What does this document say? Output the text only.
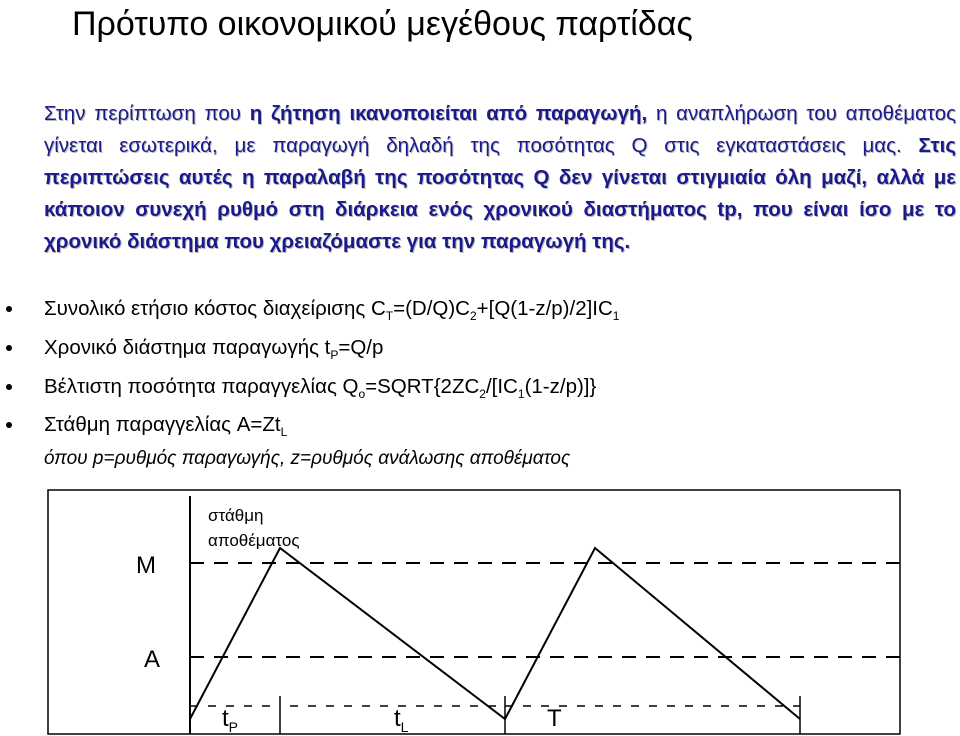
Πρότυπο οικονομικού μεγέθους παρτίδας
Στην περίπτωση που η ζήτηση ικανοποιείται από παραγωγή, η αναπλήρωση του αποθέματος γίνεται εσωτερικά, με παραγωγή δηλαδή της ποσότητας Q στις εγκαταστάσεις μας. Στις περιπτώσεις αυτές η παραλαβή της ποσότητας Q δεν γίνεται στιγμιαία όλη μαζί, αλλά με κάποιον συνεχή ρυθμό στη διάρκεια ενός χρονικού διαστήματος tp, που είναι ίσο με το χρονικό διάστημα που χρειαζόμαστε για την παραγωγή της.
Συνολικό ετήσιο κόστος διαχείρισης $C_T=(D/Q)C_2+[Q(1-z/p)/2]IC_1$
Χρονικό διάστημα παραγωγής $t_P=Q/p$
Βέλτιστη ποσότητα παραγγελίας $Q_o=SQRT\{2ZC_2/[IC_1(1-z/p)]\}$
Στάθμη παραγγελίας $A=Zt_L$
όπου p=ρυθμός παραγωγής, z=ρυθμός ανάλωσης αποθέματος
στάθμη
αποθέματος
M
A
$t_P$	$t_L$	T
